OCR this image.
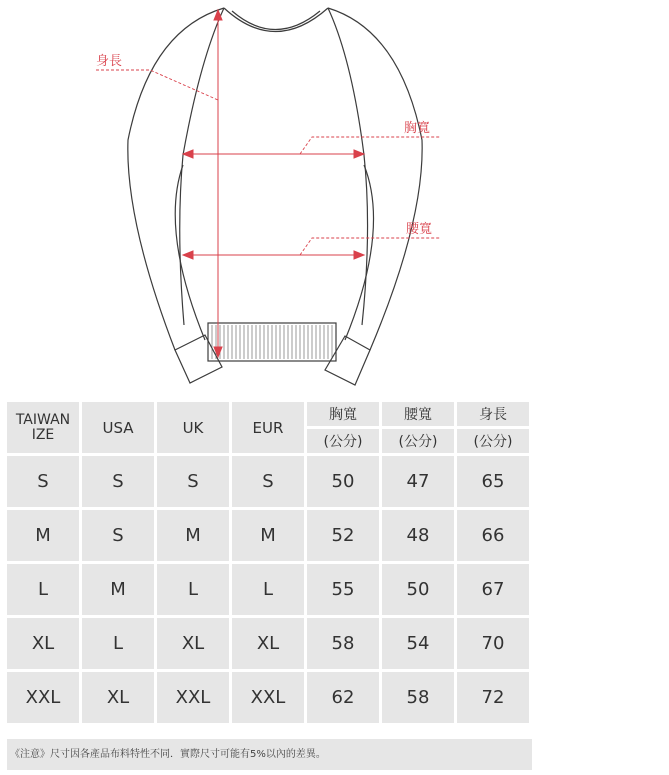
身長
胸寬
腰寬
TAIWAN
IZE	USA	UK	EUR	胸寬	腰寬	身長
				(公分)	(公分)	(公分)
S	S	S	S	50	47	65
M	S	M	M	52	48	66
L	M	L	L	55	50	67
XL	L	XL	XL	58	54	70
XXL	XL	XXL	XXL	62	58	72
《注意》尺寸因各產品布料特性不同．實際尺寸可能有5%以內的差異。
